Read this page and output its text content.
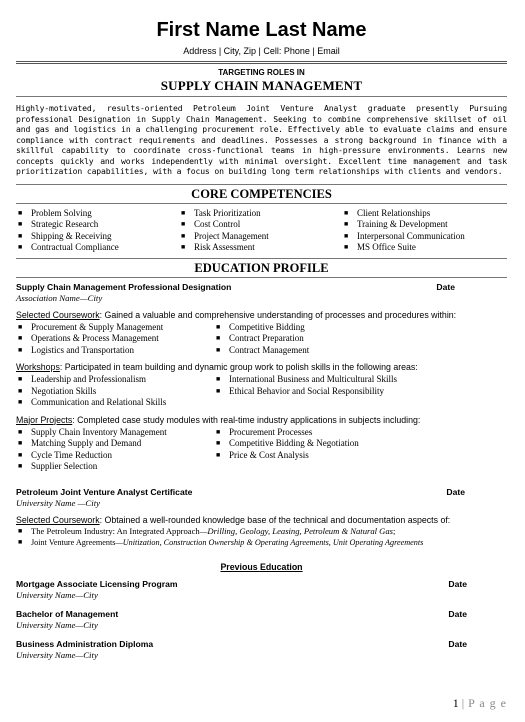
First Name Last Name
Address | City, Zip | Cell: Phone | Email
TARGETING ROLES IN
SUPPLY CHAIN MANAGEMENT
Highly-motivated, results-oriented Petroleum Joint Venture Analyst graduate presently Pursuing professional Designation in Supply Chain Management. Seeking to combine comprehensive skillset of oil and gas and logistics in a challenging procurement role. Effectively able to evaluate claims and ensure compliance with contract requirements and deadlines. Possesses a strong background in finance with a skillful capability to coordinate cross-functional teams in high-pressure environments. Learns new concepts quickly and works independently with minimal oversight. Excellent time management and task prioritization capabilities, with a focus on building long term relationships with clients and vendors.
CORE COMPETENCIES
■ Problem Solving
■ Strategic Research
■ Shipping & Receiving
■ Contractual Compliance
■ Task Prioritization
■ Cost Control
■ Project Management
■ Risk Assessment
■ Client Relationships
■ Training & Development
■ Interpersonal Communication
■ MS Office Suite
EDUCATION PROFILE
Supply Chain Management Professional Designation	Date
Association Name—City
Selected Coursework: Gained a valuable and comprehensive understanding of processes and procedures within:
■ Procurement & Supply Management
■ Operations & Process Management
■ Logistics and Transportation
■ Competitive Bidding
■ Contract Preparation
■ Contract Management
Workshops: Participated in team building and dynamic group work to polish skills in the following areas:
■ Leadership and Professionalism
■ Negotiation Skills
■ Communication and Relational Skills
■ International Business and Multicultural Skills
■ Ethical Behavior and Social Responsibility
Major Projects: Completed case study modules with real-time industry applications in subjects including:
■ Supply Chain Inventory Management
■ Matching Supply and Demand
■ Cycle Time Reduction
■ Supplier Selection
■ Procurement Processes
■ Competitive Bidding & Negotiation
■ Price & Cost Analysis
Petroleum Joint Venture Analyst Certificate	Date
University Name —City
Selected Coursework: Obtained a well-rounded knowledge base of the technical and documentation aspects of:
■	The Petroleum Industry: An Integrated Approach—Drilling, Geology, Leasing, Petroleum & Natural Gas;
■	Joint Venture Agreements—Unitization, Construction Ownership & Operating Agreements, Unit Operating Agreements
Previous Education
Mortgage Associate Licensing Program	Date
University Name—City
Bachelor of Management	Date
University Name—City
Business Administration Diploma	Date
University Name—City
1 | P a g e
